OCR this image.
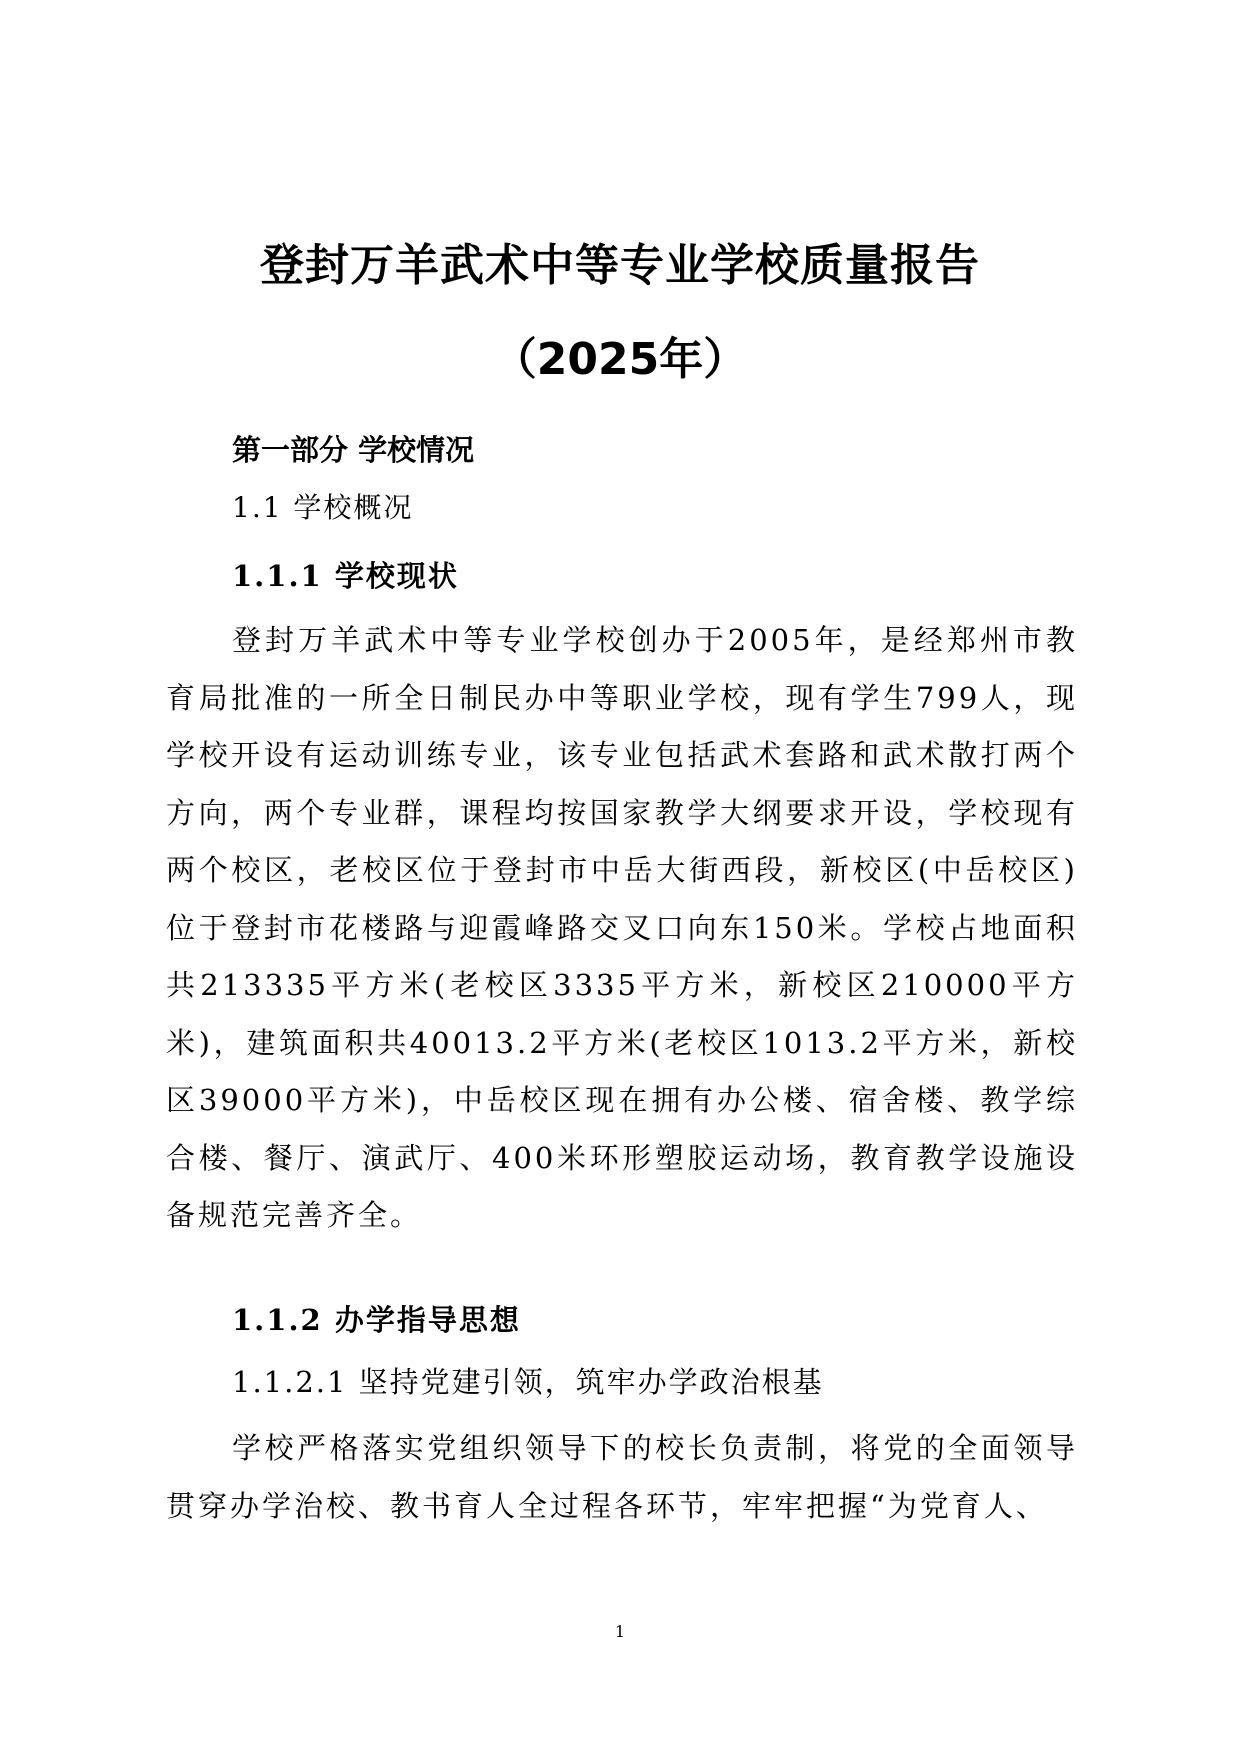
登封万羊武术中等专业学校质量报告
（2025年）
第一部分 学校情况
1.1 学校概况
1.1.1 学校现状

登封万羊武术中等专业学校创办于2005年，是经郑州市教育局批准的一所全日制民办中等职业学校，现有学生799人，现学校开设有运动训练专业，该专业包括武术套路和武术散打两个方向，两个专业群，课程均按国家教学大纲要求开设，学校现有两个校区，老校区位于登封市中岳大街西段，新校区(中岳校区)位于登封市花楼路与迎霞峰路交叉口向东150米。学校占地面积共213335平方米(老校区3335平方米，新校区210000平方米)，建筑面积共40013.2平方米(老校区1013.2平方米，新校区39000平方米)，中岳校区现在拥有办公楼、宿舍楼、教学综合楼、餐厅、演武厅、400米环形塑胶运动场，教育教学设施设备规范完善齐全。

1.1.2 办学指导思想
1.1.2.1 坚持党建引领，筑牢办学政治根基

学校严格落实党组织领导下的校长负责制，将党的全面领导贯穿办学治校、教书育人全过程各环节，牢牢把握“为党育人、

1
